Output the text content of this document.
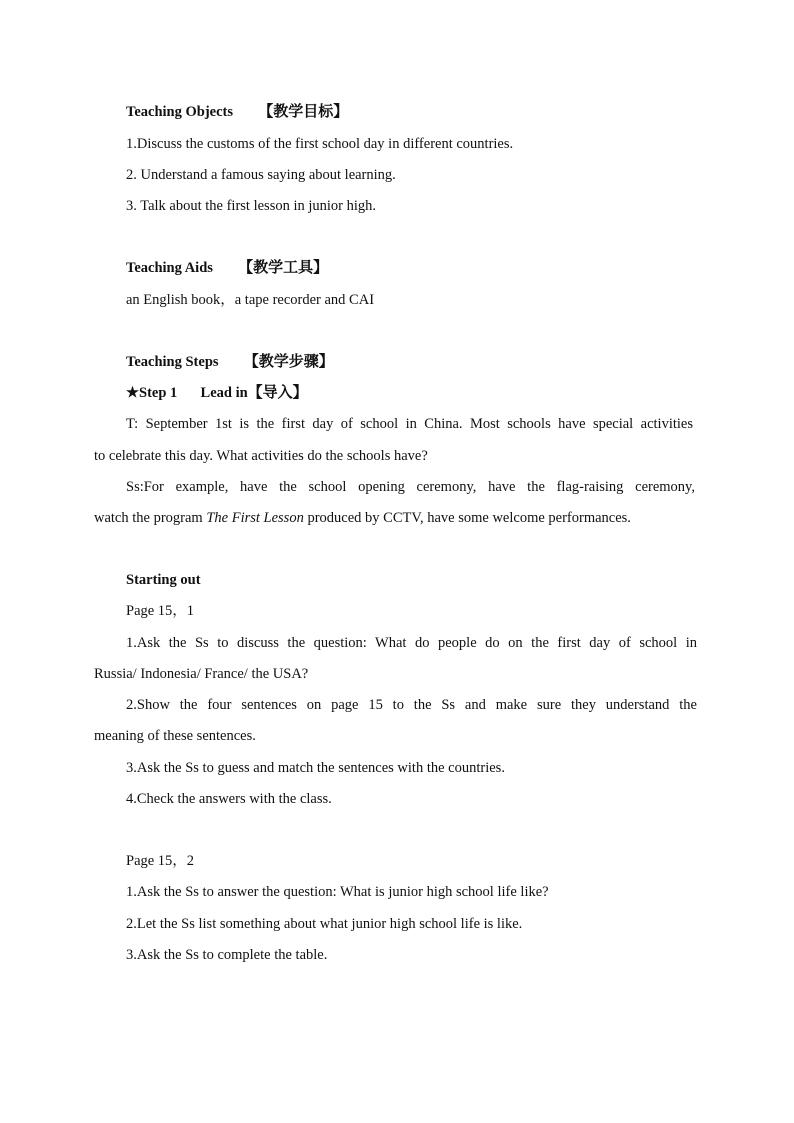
Teaching Objects 【教学目标】
1.Discuss the customs of the first school day in different countries.
2. Understand a famous saying about learning.
3. Talk about the first lesson in junior high.
Teaching Aids 【教学工具】
an English book，a tape recorder and CAI
Teaching Steps 【教学步骤】
★Step 1 Lead in【导入】
T: September 1st is the first day of school in China. Most schools have special activities
to celebrate this day. What activities do the schools have?
Ss:For example, have the school opening ceremony, have the flag-raising ceremony,
watch the program The First Lesson produced by CCTV, have some welcome performances.
Starting out
Page 15，1
1.Ask the Ss to discuss the question: What do people do on the first day of school in
Russia/ Indonesia/ France/ the USA?
2.Show the four sentences on page 15 to the Ss and make sure they understand the
meaning of these sentences.
3.Ask the Ss to guess and match the sentences with the countries.
4.Check the answers with the class.
Page 15，2
1.Ask the Ss to answer the question: What is junior high school life like?
2.Let the Ss list something about what junior high school life is like.
3.Ask the Ss to complete the table.
